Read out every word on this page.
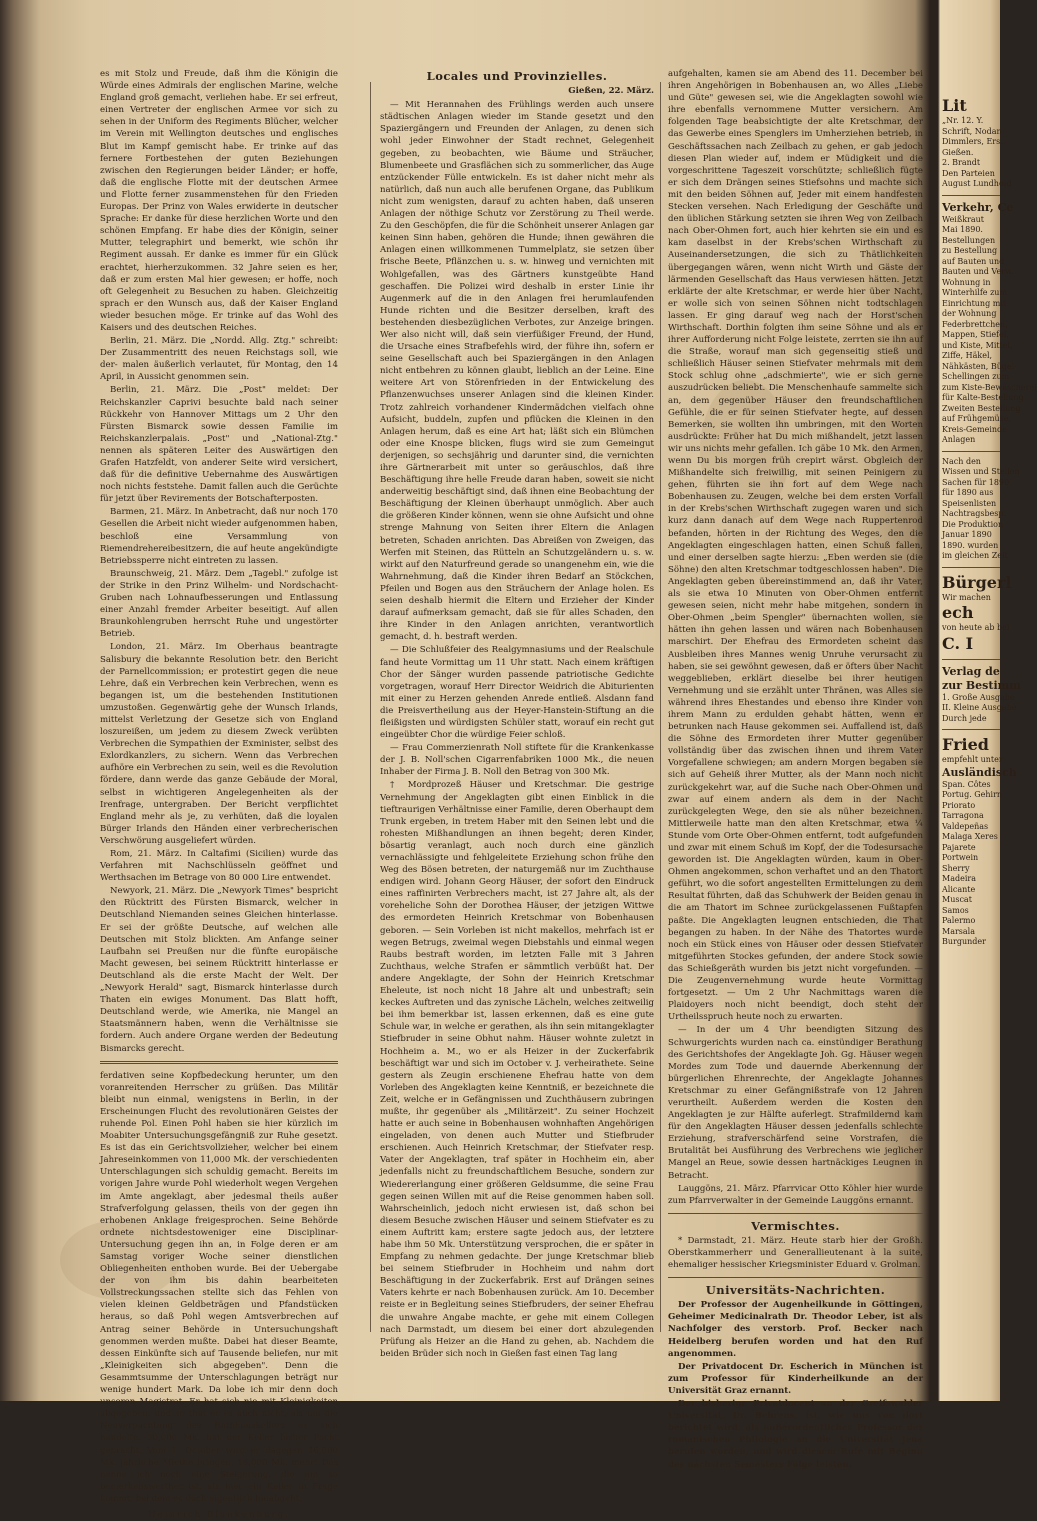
es mit Stolz und Freude, daß ihm die Königin die Würde eines Admirals der englischen Marine, welche England groß gemacht, verliehen habe. Er sei erfreut, einen Vertreter der englischen Armee vor sich zu sehen in der Uniform des Regiments Blücher, welcher im Verein mit Wellington deutsches und englisches Blut im Kampf gemischt habe. Er trinke auf das fernere Fortbestehen der guten Beziehungen zwischen den Regierungen beider Länder; er hoffe, daß die englische Flotte mit der deutschen Armee und Flotte ferner zusammenstehen für den Frieden Europas. Der Prinz von Wales erwiderte in deutscher Sprache: Er danke für diese herzlichen Worte und den schönen Empfang. Er habe dies der Königin, seiner Mutter, telegraphirt und bemerkt, wie schön ihr Regiment aussah. Er danke es immer für ein Glück erachtet, hierherzukommen. 32 Jahre seien es her, daß er zum ersten Mal hier gewesen; er hoffe, noch oft Gelegenheit zu Besuchen zu haben. Gleichzeitig sprach er den Wunsch aus, daß der Kaiser England wieder besuchen möge. Er trinke auf das Wohl des Kaisers und des deutschen Reiches.

Berlin, 21. März. Die „Nordd. Allg. Ztg." schreibt: Der Zusammentritt des neuen Reichstags soll, wie der- malen äußerlich verlautet, für Montag, den 14 April, in Aussicht genommen sein.

Berlin, 21. März. Die „Post" meldet: Der Reichskanzler Caprivi besuchte bald nach seiner Rückkehr von Hannover Mittags um 2 Uhr den Fürsten Bismarck sowie dessen Familie im Reichskanzlerpalais. „Post" und „National-Ztg." nennen als späteren Leiter des Auswärtigen den Grafen Hatzfeldt, von anderer Seite wird versichert, daß für die definitive Uebernahme des Auswärtigen noch nichts feststehe. Damit fallen auch die Gerüchte für jetzt über Revirements der Botschafterposten.

Barmen, 21. März. In Anbetracht, daß nur noch 170 Gesellen die Arbeit nicht wieder aufgenommen haben, beschloß eine Versammlung von Riemendrehereibesitzern, die auf heute angekündigte Betriebssperre nicht eintreten zu lassen.

Braunschweig, 21. März. Dem „Tagebl." zufolge ist der Strike in den Prinz Wilhelm- und Nordschacht-Gruben nach Lohnaufbesserungen und Entlassung einer Anzahl fremder Arbeiter beseitigt. Auf allen Braunkohlengruben herrscht Ruhe und ungestörter Betrieb.

London, 21. März. Im Oberhaus beantragte Salisbury die bekannte Resolution betr. den Bericht der Parnellcommission; er protestirt gegen die neue Lehre, daß ein Verbrechen kein Verbrechen, wenn es begangen ist, um die bestehenden Institutionen umzustoßen. Gegenwärtig gehe der Wunsch Irlands, mittelst Verletzung der Gesetze sich von England loszureißen, um jedem zu diesem Zweck verübten Verbrechen die Sympathien der Exminister, selbst des Exlordkanzlers, zu sichern. Wenn das Verbrechen aufhöre ein Verbrechen zu sein, weil es die Revolution fördere, dann werde das ganze Gebäude der Moral, selbst in wichtigeren Angelegenheiten als der Irenfrage, untergraben. Der Bericht verpflichtet England mehr als je, zu verhüten, daß die loyalen Bürger Irlands den Händen einer verbrecherischen Verschwörung ausgeliefert würden.

Rom, 21. März. In Caltafimi (Sicilien) wurde das Verfahren mit Nachschlüsseln geöffnet und Werthsachen im Betrage von 80 000 Lire entwendet.

Newyork, 21. März. Die „Newyork Times" bespricht den Rücktritt des Fürsten Bismarck, welcher in Deutschland Niemanden seines Gleichen hinterlasse. Er sei der größte Deutsche, auf welchen alle Deutschen mit Stolz blickten. Am Anfange seiner Laufbahn sei Preußen nur die fünfte europäische Macht gewesen, bei seinem Rücktritt hinterlasse er Deutschland als die erste Macht der Welt. Der „Newyork Herald" sagt, Bismarck hinterlasse durch Thaten ein ewiges Monument. Das Blatt hofft, Deutschland werde, wie Amerika, nie Mangel an Staatsmännern haben, wenn die Verhältnisse sie fordern. Auch andere Organe werden der Bedeutung Bismarcks gerecht.

ferdativen seine Kopfbedeckung herunter, um den voranreitenden Herrscher zu grüßen. Das Militär bleibt nun einmal, wenigstens in Berlin, in der Erscheinungen Flucht des revolutionären Geistes der ruhende Pol. Einen Pohl haben sie hier kürzlich im Moabiter Untersuchungsgefängniß zur Ruhe gesetzt. Es ist das ein Gerichtsvollzieher, welcher bei einem Jahreseinkommen von 11,000 Mk. der verschiedenten Unterschlagungen sich schuldig gemacht. Bereits im vorigen Jahre wurde Pohl wiederholt wegen Vergehen im Amte angeklagt, aber jedesmal theils außer Strafverfolgung gelassen, theils von der gegen ihn erhobenen Anklage freigesprochen. Seine Behörde ordnete nichtsdestoweniger eine Disciplinar-Untersuchung gegen ihn an, in Folge deren er am Samstag voriger Woche seiner dienstlichen Obliegenheiten enthoben wurde. Bei der Uebergabe der von ihm bis dahin bearbeiteten Vollstreckungssachen stellte sich das Fehlen von vielen kleinen Geldbeträgen und Pfandstücken heraus, so daß Pohl wegen Amtsverbrechen auf Antrag seiner Behörde in Untersuchungshaft genommen werden mußte. Dabei hat dieser Beamte, dessen Einkünfte sich auf Tausende beliefen, nur mit „Kleinigkeiten sich abgegeben". Denn die Gesammtsumme der Unterschlagungen beträgt nur wenige hundert Mark. Da lobe ich mir denn doch unseren Magistrat. Er hat sich nie mit Kleinigkeiten abgegeben, und so that er es auch nicht, als um die Neuverpachtung des Rathhauskellers es sich handelte. 30,000 Mk. hat der Keller bisher Pacht gebracht. Vom 1. October wird er dagegen 46,000 Mk. jährliche Miethe bringen. 16,000 Mk. mehr! Das nenne ich noch eine Steigerung, die um so bemerkenswerther ist, als hier ein Keller in Frage kommt, bei dem es doch eigentlich hinabgeht.

Heinrich Blankenburg.
Locales und Provinzielles.
Gießen, 22. März.

— Mit Herannahen des Frühlings werden auch unsere städtischen Anlagen wieder im Stande gesetzt und den Spaziergängern und Freunden der Anlagen, zu denen sich wohl jeder Einwohner der Stadt rechnet, Gelegenheit gegeben, zu beobachten, wie Bäume und Sträucher, Blumenbeete und Grasflächen sich zu sommerlicher, das Auge entzückender Fülle entwickeln. Es ist daher nicht mehr als natürlich, daß nun auch alle berufenen Organe, das Publikum nicht zum wenigsten, darauf zu achten haben, daß unseren Anlagen der nöthige Schutz vor Zerstörung zu Theil werde. Zu den Geschöpfen, die für die Schönheit unserer Anlagen gar keinen Sinn haben, gehören die Hunde; ihnen gewähren die Anlagen einen willkommenen Tummelplatz, sie setzen über frische Beete, Pflänzchen u. s. w. hinweg und vernichten mit Wohlgefallen, was des Gärtners kunstgeübte Hand geschaffen. Die Polizei wird deshalb in erster Linie ihr Augenmerk auf die in den Anlagen frei herumlaufenden Hunde richten und die Besitzer derselben, kraft des bestehenden diesbezüglichen Verbotes, zur Anzeige bringen. Wer also nicht will, daß sein vierfüßiger Freund, der Hund, die Ursache eines Strafbefehls wird, der führe ihn, sofern er seine Gesellschaft auch bei Spaziergängen in den Anlagen nicht entbehren zu können glaubt, lieblich an der Leine. Eine weitere Art von Störenfrieden in der Entwickelung des Pflanzenwuchses unserer Anlagen sind die kleinen Kinder. Trotz zahlreich vorhandener Kindermädchen vielfach ohne Aufsicht, buddeln, zupfen und pflücken die Kleinen in den Anlagen herum, daß es eine Art hat; läßt sich ein Blümchen oder eine Knospe blicken, flugs wird sie zum Gemeingut derjenigen, so sechsjährig und darunter sind, die vernichten ihre Gärtnerarbeit mit unter so geräuschlos, daß ihre Beschäftigung ihre helle Freude daran haben, soweit sie nicht anderweitig beschäftigt sind, daß ihnen eine Beobachtung der Beschäftigung der Kleinen überhaupt unmöglich. Aber auch die größeren Kinder können, wenn sie ohne Aufsicht und ohne strenge Mahnung von Seiten ihrer Eltern die Anlagen betreten, Schaden anrichten. Das Abreißen von Zweigen, das Werfen mit Steinen, das Rütteln an Schutzgeländern u. s. w. wirkt auf den Naturfreund gerade so unangenehm ein, wie die Wahrnehmung, daß die Kinder ihren Bedarf an Stöckchen, Pfeilen und Bogen aus den Sträuchern der Anlage holen. Es seien deshalb hiermit die Eltern und Erzieher der Kinder darauf aufmerksam gemacht, daß sie für alles Schaden, den ihre Kinder in den Anlagen anrichten, verantwortlich gemacht, d. h. bestraft werden.

— Die Schlußfeier des Realgymnasiums und der Realschule fand heute Vormittag um 11 Uhr statt. Nach einem kräftigen Chor der Sänger wurden passende patriotische Gedichte vorgetragen, worauf Herr Director Weidrich die Abiturienten mit einer zu Herzen gehenden Anrede entließ. Alsdann fand die Preisvertheilung aus der Heyer-Hanstein-Stiftung an die fleißigsten und würdigsten Schüler statt, worauf ein recht gut eingeübter Chor die würdige Feier schloß.

— Frau Commerzienrath Noll stiftete für die Krankenkasse der J. B. Noll'schen Cigarrenfabriken 1000 Mk., die neuen Inhaber der Firma J. B. Noll den Betrag von 300 Mk.

† Mordprozeß Häuser und Kretschmar. Die gestrige Vernehmung der Angeklagten gibt einen Einblick in die tieftraurigen Verhältnisse einer Familie, deren Oberhaupt dem Trunk ergeben, in tretem Haber mit den Seinen lebt und die rohesten Mißhandlungen an ihnen begeht; deren Kinder, bösartig veranlagt, auch noch durch eine gänzlich vernachlässigte und fehlgeleitete Erziehung schon frühe den Weg des Bösen betreten, der naturgemäß nur im Zuchthause endigen wird. Johann Georg Häuser, der sofort den Eindruck eines raffinirten Verbrechers macht, ist 27 Jahre alt, als der voreheliche Sohn der Dorothea Häuser, der jetzigen Wittwe des ermordeten Heinrich Kretschmar von Bobenhausen geboren. — Sein Vorleben ist nicht makellos, mehrfach ist er wegen Betrugs, zweimal wegen Diebstahls und einmal wegen Raubs bestraft worden, im letzten Falle mit 3 Jahren Zuchthaus, welche Strafen er sämmtlich verbüßt hat. Der andere Angeklagte, der Sohn der Heinrich Kretschmar Eheleute, ist noch nicht 18 Jahre alt und unbestraft; sein keckes Auftreten und das zynische Lächeln, welches zeitweilig bei ihm bemerkbar ist, lassen erkennen, daß es eine gute Schule war, in welche er gerathen, als ihn sein mitangeklagter Stiefbruder in seine Obhut nahm. Häuser wohnte zuletzt in Hochheim a. M., wo er als Heizer in der Zuckerfabrik beschäftigt war und sich im October v. J. verheirathete. Seine gestern als Zeugin erschienene Ehefrau hatte von dem Vorleben des Angeklagten keine Kenntniß, er bezeichnete die Zeit, welche er in Gefängnissen und Zuchthäusern zubringen mußte, ihr gegenüber als „Militärzeit". Zu seiner Hochzeit hatte er auch seine in Bobenhausen wohnhaften Angehörigen eingeladen, von denen auch Mutter und Stiefbruder erschienen. Auch Heinrich Kretschmar, der Stiefvater resp. Vater der Angeklagten, traf später in Hochheim ein, aber jedenfalls nicht zu freundschaftlichem Besuche, sondern zur Wiedererlangung einer größeren Geldsumme, die seine Frau gegen seinen Willen mit auf die Reise genommen haben soll. Wahrscheinlich, jedoch nicht erwiesen ist, daß schon bei diesem Besuche zwischen Häuser und seinem Stiefvater es zu einem Auftritt kam; erstere sagte jedoch aus, der letztere habe ihm 50 Mk. Unterstützung versprochen, die er später in Empfang zu nehmen gedachte. Der junge Kretschmar blieb bei seinem Stiefbruder in Hochheim und nahm dort Beschäftigung in der Zuckerfabrik. Erst auf Drängen seines Vaters kehrte er nach Bobenhausen zurück. Am 10. December reiste er in Begleitung seines Stiefbruders, der seiner Ehefrau die unwahre Angabe machte, er gehe mit einem Collegen nach Darmstadt, um diesem bei einer dort abzulegenden Prüfung als Heizer an die Hand zu gehen, ab. Nachdem die beiden Brüder sich noch in Gießen fast einen Tag lang

aufgehalten, kamen sie am Abend des 11. December bei ihren Angehörigen in Bobenhausen an, wo Alles „Liebe und Güte" gewesen sei, wie die Angeklagten sowohl wie ihre ebenfalls vernommene Mutter versichern. Am folgenden Tage beabsichtigte der alte Kretschmar, der das Gewerbe eines Spenglers im Umherziehen betrieb, in Geschäftssachen nach Zeilbach zu gehen, er gab jedoch diesen Plan wieder auf, indem er Müdigkeit und die vorgeschrittene Tageszeit vorschützte; schließlich fügte er sich dem Drängen seines Stiefsohns und machte sich mit den beiden Söhnen auf, Jeder mit einem handfesten Stecken versehen. Nach Erledigung der Geschäfte und den üblichen Stärkung setzten sie ihren Weg von Zeilbach nach Ober-Ohmen fort, auch hier kehrten sie ein und es kam daselbst in der Krebs'schen Wirthschaft zu Auseinandersetzungen, die sich zu Thätlichkeiten übergegangen wären, wenn nicht Wirth und Gäste der lärmenden Gesellschaft das Haus verwiesen hätten. Jetzt erklärte der alte Kretschmar, er werde hier über Nacht, er wolle sich von seinen Söhnen nicht todtschlagen lassen. Er ging darauf weg nach der Horst'schen Wirthschaft. Dorthin folgten ihm seine Söhne und als er ihrer Aufforderung nicht Folge leistete, zerrten sie ihn auf die Straße, worauf man sich gegenseitig stieß und schließlich Häuser seinen Stiefvater mehrmals mit dem Stock schlug ohne „adschmierte", wie er sich gerne auszudrücken beliebt. Die Menschenhaufe sammelte sich an, dem gegenüber Häuser den freundschaftlichen Gefühle, die er für seinen Stiefvater hegte, auf dessen Bemerken, sie wollten ihn umbringen, mit den Worten ausdrückte: Früher hat Du mich mißhandelt, jetzt lassen wir uns nichts mehr gefallen. Ich gäbe 10 Mk. den Armen, wenn Du bis morgen früh crepirt wärst. Obgleich der Mißhandelte sich freiwillig, mit seinen Peinigern zu gehen, führten sie ihn fort auf dem Wege nach Bobenhausen zu. Zeugen, welche bei dem ersten Vorfall in der Krebs'schen Wirthschaft zugegen waren und sich kurz dann danach auf dem Wege nach Ruppertenrod befanden, hörten in der Richtung des Weges, den die Angeklagten eingeschlagen hatten, einen Schuß fallen, und einer derselben sagte hierzu: „Eben werden sie (die Söhne) den alten Kretschmar todtgeschlossen haben". Die Angeklagten geben übereinstimmend an, daß ihr Vater, als sie etwa 10 Minuten von Ober-Ohmen entfernt gewesen seien, nicht mehr habe mitgehen, sondern in Ober-Ohmen „beim Spengler" übernachten wollen, sie hätten ihn gehen lassen und wären nach Bobenhausen marschirt. Der Ehefrau des Ermordeten scheint das Ausbleiben ihres Mannes wenig Unruhe verursacht zu haben, sie sei gewöhnt gewesen, daß er öfters über Nacht weggeblieben, erklärt dieselbe bei ihrer heutigen Vernehmung und sie erzählt unter Thränen, was Alles sie während ihres Ehestandes und ebenso ihre Kinder von ihrem Mann zu erdulden gehabt hätten, wenn er betrunken nach Hause gekommen sei. Auffallend ist, daß die Söhne des Ermordeten ihrer Mutter gegenüber vollständig über das zwischen ihnen und ihrem Vater Vorgefallene schwiegen; am andern Morgen begaben sie sich auf Geheiß ihrer Mutter, als der Mann noch nicht zurückgekehrt war, auf die Suche nach Ober-Ohmen und zwar auf einem andern als dem in der Nacht zurückgelegten Wege, den sie als nüher bezeichnen. Mittlerweile hatte man den alten Kretschmar, etwa ¼ Stunde vom Orte Ober-Ohmen entfernt, todt aufgefunden und zwar mit einem Schuß im Kopf, der die Todesursache geworden ist. Die Angeklagten würden, kaum in Ober-Ohmen angekommen, schon verhaftet und an den Thatort geführt, wo die sofort angestellten Ermittelungen zu dem Resultat führten, daß das Schuhwerk der Beiden genau in die am Thatort im Schnee zurückgelassenen Fußtapfen paßte. Die Angeklagten leugnen entschieden, die That begangen zu haben. In der Nähe des Thatortes wurde noch ein Stück eines von Häuser oder dessen Stiefvater mitgeführten Stockes gefunden, der andere Stock sowie das Schießgeräth wurden bis jetzt nicht vorgefunden. — Die Zeugenvernehmung wurde heute Vormittag fortgesetzt. — Um 2 Uhr Nachmittags waren die Plaidoyers noch nicht beendigt, doch steht der Urtheilsspruch heute noch zu erwarten.

— In der um 4 Uhr beendigten Sitzung des Schwurgerichts wurden nach ca. einstündiger Berathung des Gerichtshofes der Angeklagte Joh. Gg. Häuser wegen Mordes zum Tode und dauernde Aberkennung der bürgerlichen Ehrenrechte, der Angeklagte Johannes Kretschmar zu einer Gefängnißstrafe von 12 Jahren verurtheilt. Außerdem werden die Kosten den Angeklagten je zur Hälfte auferlegt. Strafmildernd kam für den Angeklagten Häuser dessen jedenfalls schlechte Erziehung, strafverschärfend seine Vorstrafen, die Brutalität bei Ausführung des Verbrechens wie jeglicher Mangel an Reue, sowie dessen hartnäckiges Leugnen in Betracht.

Lauggöns, 21. März. Pfarrvicar Otto Köhler hier wurde zum Pfarrverwalter in der Gemeinde Lauggöns ernannt.

Vermischtes.

* Darmstadt, 21. März. Heute starb hier der Großh. Oberstkammerherr und Generallieutenant à la suite, ehemaliger hessischer Kriegsminister Eduard v. Grolman.

Universitäts-Nachrichten.

Der Professor der Augenheilkunde in Göttingen, Geheimer Medicinalrath Dr. Theodor Leber, ist als Nachfolger des verstorb. Prof. Becker nach Heidelberg berufen worden und hat den Ruf angenommen.

Der Privatdocent Dr. Escherich in München ist zum Professor für Kinderheilkunde an der Universität Graz ernannt.

Der bisherige Privatdocent an der Greifswalder Universität, Dr. Behrens, ist, wie uns von dort berichtet wird, als außerordentlicher Professor der romanischen Philologie an die Universität Jena berufen worden, und wird diesem Rufe mit Beginn des nächsten Semesters Folge leisten.

Lit
„Nr. 12. Y.
Schrift, Nodan
Dimmlers, Ers.
Gießen.
2. Brandt
Den Parteien
August Lundhold
Verkehr, Ce
Weißkraut
Mai 1890.
Bestellungen
zu Bestellung
auf Bauten und
Bauten und Verw.
Wohnung in
Winterhilfe zum
Einrichtung mit
der Wohnung
Federbrettchen,
Mappen, Stiefel,
und Kiste, Mittel,
Ziffe, Häkel,
Nähkästen, Bügel-
Schellingen zum
zum Kiste-Bewäscherei
für Kalte-Bestellung
Zweiten Bestellung
auf Frühgemüse,
Kreis-Gemeinde
Anlagen
Nach den
Wissen und Stellen
Sachen für 1890
für 1890 aus
Speisenlisten
Nachtragsbesp.
Die Produktion
Januar 1890
1890. wurden
im gleichen Zeit
Bürgerl
Wir machen
ech
von heute ab bei
C. I
Verlag de
zur Bestimm
1. Große Ausgabe
II. Kleine Ausgabe
Durch jede
Fried
empfehlt unter
Ausländisch
Span. Côtes
Portug. Gehirn
Priorato
Tarragona
Valdepeñas
Malaga Xeres
Pajarete
Portwein
Sherry
Madeira
Alicante
Muscat
Samos
Palermo
Marsala
Burgunder
